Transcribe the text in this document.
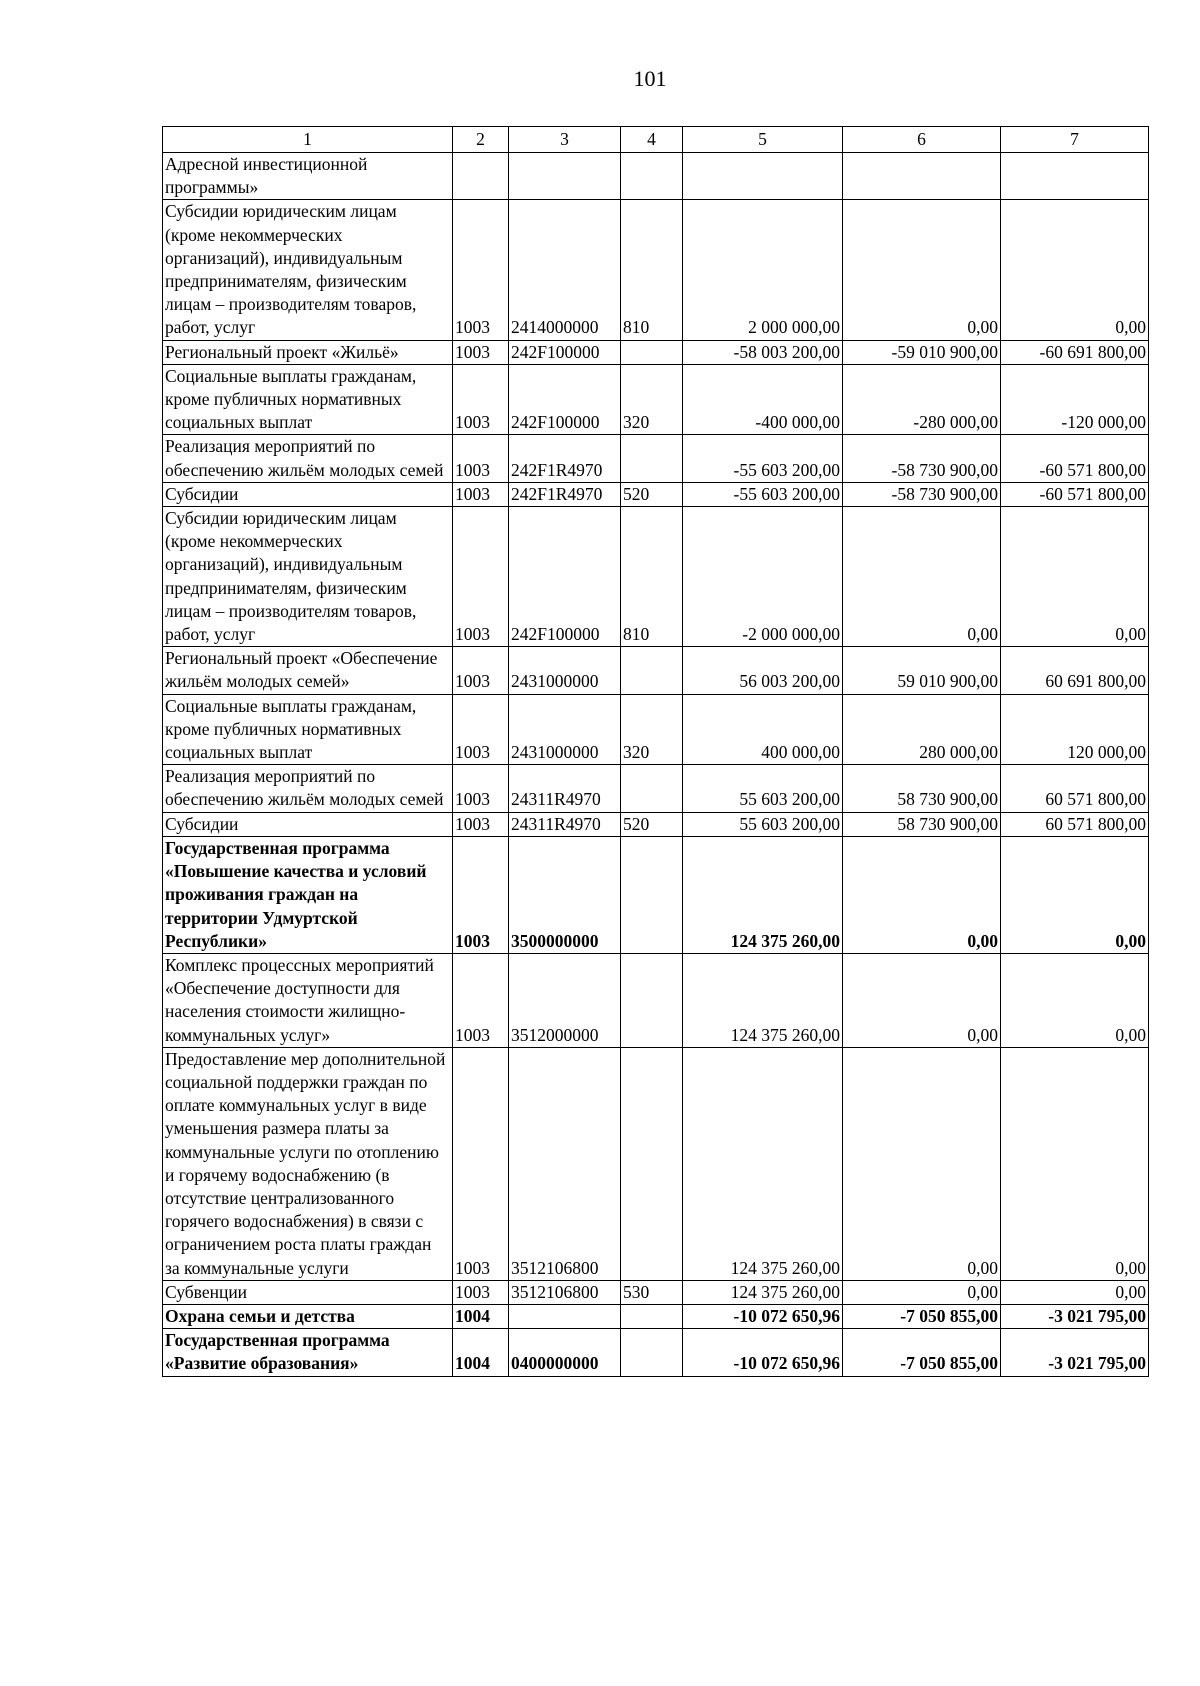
101
1	2	3	4	5	6	7
Адресной инвестиционной программы»						
Субсидии юридическим лицам (кроме некоммерческих организаций), индивидуальным предпринимателям, физическим лицам – производителям товаров, работ, услуг	1003	2414000000	810	2 000 000,00	0,00	0,00
Региональный проект «Жильё»	1003	242F100000		-58 003 200,00	-59 010 900,00	-60 691 800,00
Социальные выплаты гражданам, кроме публичных нормативных социальных выплат	1003	242F100000	320	-400 000,00	-280 000,00	-120 000,00
Реализация мероприятий по обеспечению жильём молодых семей	1003	242F1R4970		-55 603 200,00	-58 730 900,00	-60 571 800,00
Субсидии	1003	242F1R4970	520	-55 603 200,00	-58 730 900,00	-60 571 800,00
Субсидии юридическим лицам (кроме некоммерческих организаций), индивидуальным предпринимателям, физическим лицам – производителям товаров, работ, услуг	1003	242F100000	810	-2 000 000,00	0,00	0,00
Региональный проект «Обеспечение жильём молодых семей»	1003	2431000000		56 003 200,00	59 010 900,00	60 691 800,00
Социальные выплаты гражданам, кроме публичных нормативных социальных выплат	1003	2431000000	320	400 000,00	280 000,00	120 000,00
Реализация мероприятий по обеспечению жильём молодых семей	1003	24311R4970		55 603 200,00	58 730 900,00	60 571 800,00
Субсидии	1003	24311R4970	520	55 603 200,00	58 730 900,00	60 571 800,00
Государственная программа «Повышение качества и условий проживания граждан на территории Удмуртской Республики»	1003	3500000000		124 375 260,00	0,00	0,00
Комплекс процессных мероприятий «Обеспечение доступности для населения стоимости жилищно-коммунальных услуг»	1003	3512000000		124 375 260,00	0,00	0,00
Предоставление мер дополнительной социальной поддержки граждан по оплате коммунальных услуг в виде уменьшения размера платы за коммунальные услуги по отоплению и горячему водоснабжению (в отсутствие централизованного горячего водоснабжения) в связи с ограничением роста платы граждан за коммунальные услуги	1003	3512106800		124 375 260,00	0,00	0,00
Субвенции	1003	3512106800	530	124 375 260,00	0,00	0,00
Охрана семьи и детства	1004			-10 072 650,96	-7 050 855,00	-3 021 795,00
Государственная программа «Развитие образования»	1004	0400000000		-10 072 650,96	-7 050 855,00	-3 021 795,00
